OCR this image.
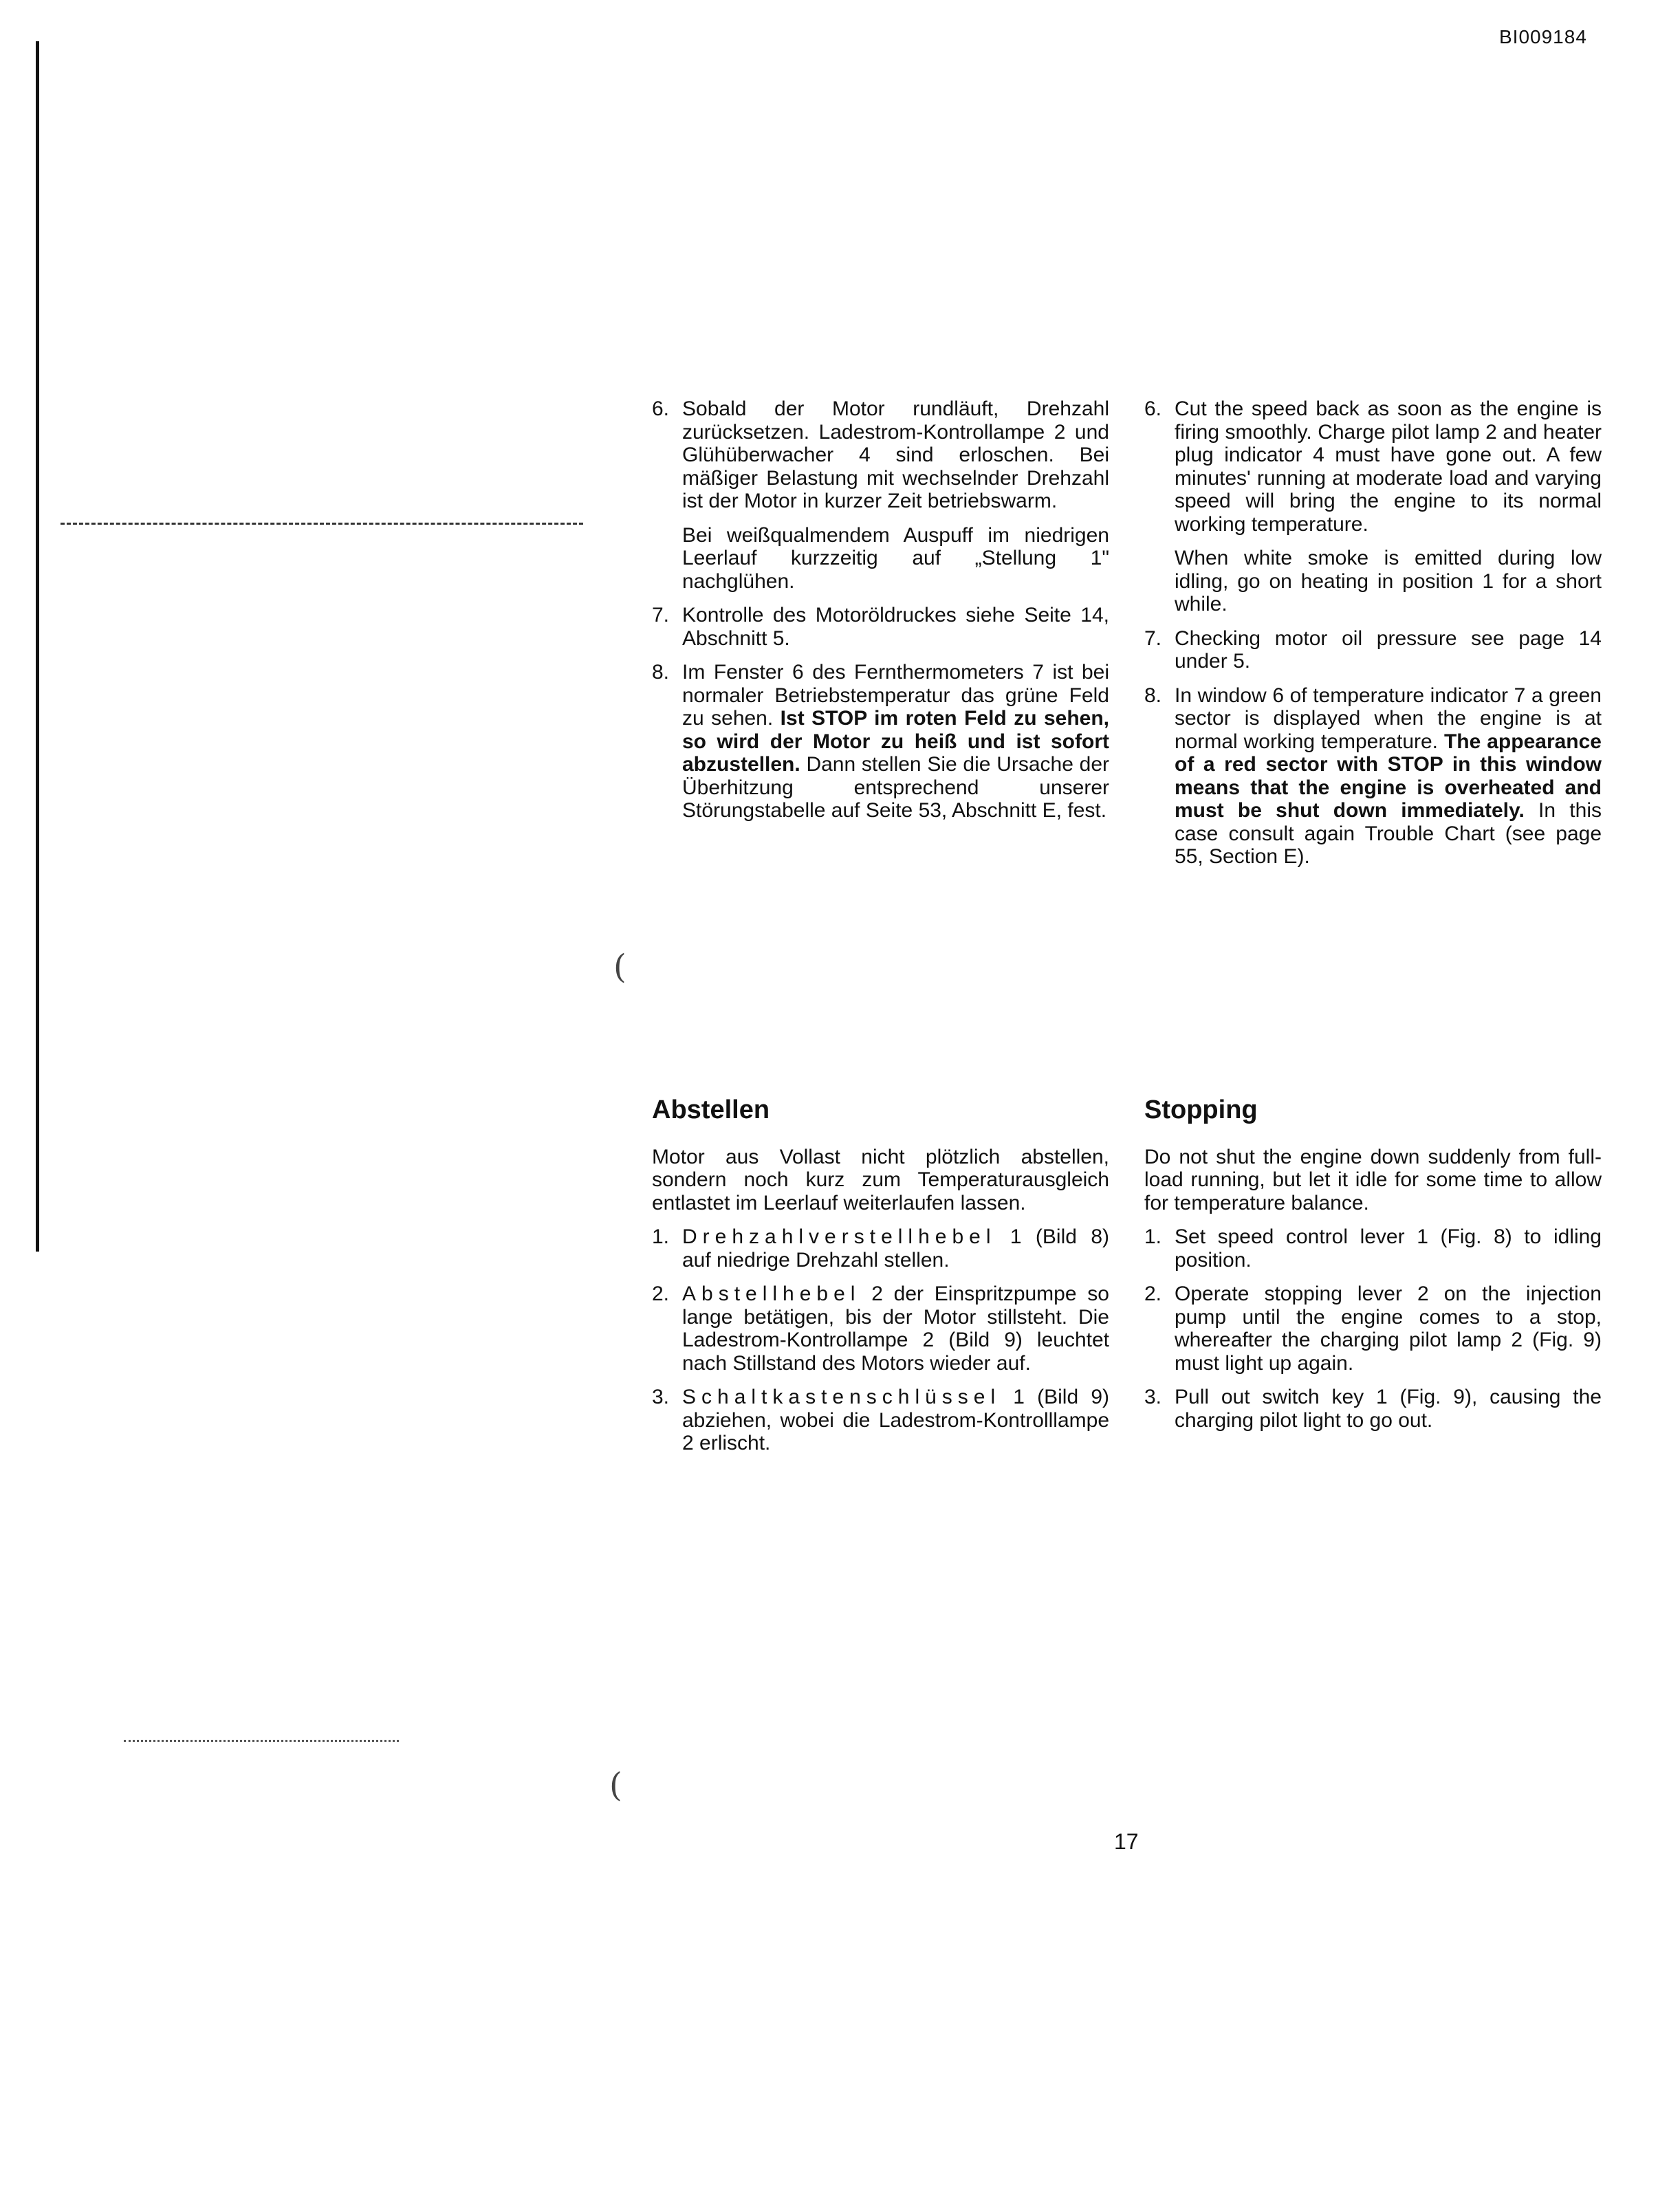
BI009184
(
(
6. Sobald der Motor rundläuft, Drehzahl zurücksetzen. Ladestrom-Kontrollampe 2 und Glühüberwacher 4 sind erloschen. Bei mäßiger Belastung mit wechselnder Drehzahl ist der Motor in kurzer Zeit betriebswarm.
Bei weißqualmendem Auspuff im niedrigen Leerlauf kurzzeitig auf „Stellung 1" nachglühen.
7. Kontrolle des Motoröldruckes siehe Seite 14, Abschnitt 5.
8. Im Fenster 6 des Fernthermometers 7 ist bei normaler Betriebstemperatur das grüne Feld zu sehen. Ist STOP im roten Feld zu sehen, so wird der Motor zu heiß und ist sofort abzustellen. Dann stellen Sie die Ursache der Überhitzung entsprechend unserer Störungstabelle auf Seite 53, Abschnitt E, fest.
6. Cut the speed back as soon as the engine is firing smoothly. Charge pilot lamp 2 and heater plug indicator 4 must have gone out. A few minutes' running at moderate load and varying speed will bring the engine to its normal working temperature.
When white smoke is emitted during low idling, go on heating in position 1 for a short while.
7. Checking motor oil pressure see page 14 under 5.
8. In window 6 of temperature indicator 7 a green sector is displayed when the engine is at normal working temperature. The appearance of a red sector with STOP in this window means that the engine is overheated and must be shut down immediately. In this case consult again Trouble Chart (see page 55, Section E).
Abstellen
Motor aus Vollast nicht plötzlich abstellen, sondern noch kurz zum Temperaturausgleich entlastet im Leerlauf weiterlaufen lassen.
1. Drehzahlverstellhebel 1 (Bild 8) auf niedrige Drehzahl stellen.
2. Abstellhebel 2 der Einspritzpumpe so lange betätigen, bis der Motor stillsteht. Die Ladestrom-Kontrollampe 2 (Bild 9) leuchtet nach Stillstand des Motors wieder auf.
3. Schaltkastenschlüssel 1 (Bild 9) abziehen, wobei die Ladestrom-Kontrolllampe 2 erlischt.
Stopping
Do not shut the engine down suddenly from full-load running, but let it idle for some time to allow for temperature balance.
1. Set speed control lever 1 (Fig. 8) to idling position.
2. Operate stopping lever 2 on the injection pump until the engine comes to a stop, whereafter the charging pilot lamp 2 (Fig. 9) must light up again.
3. Pull out switch key 1 (Fig. 9), causing the charging pilot light to go out.
17
